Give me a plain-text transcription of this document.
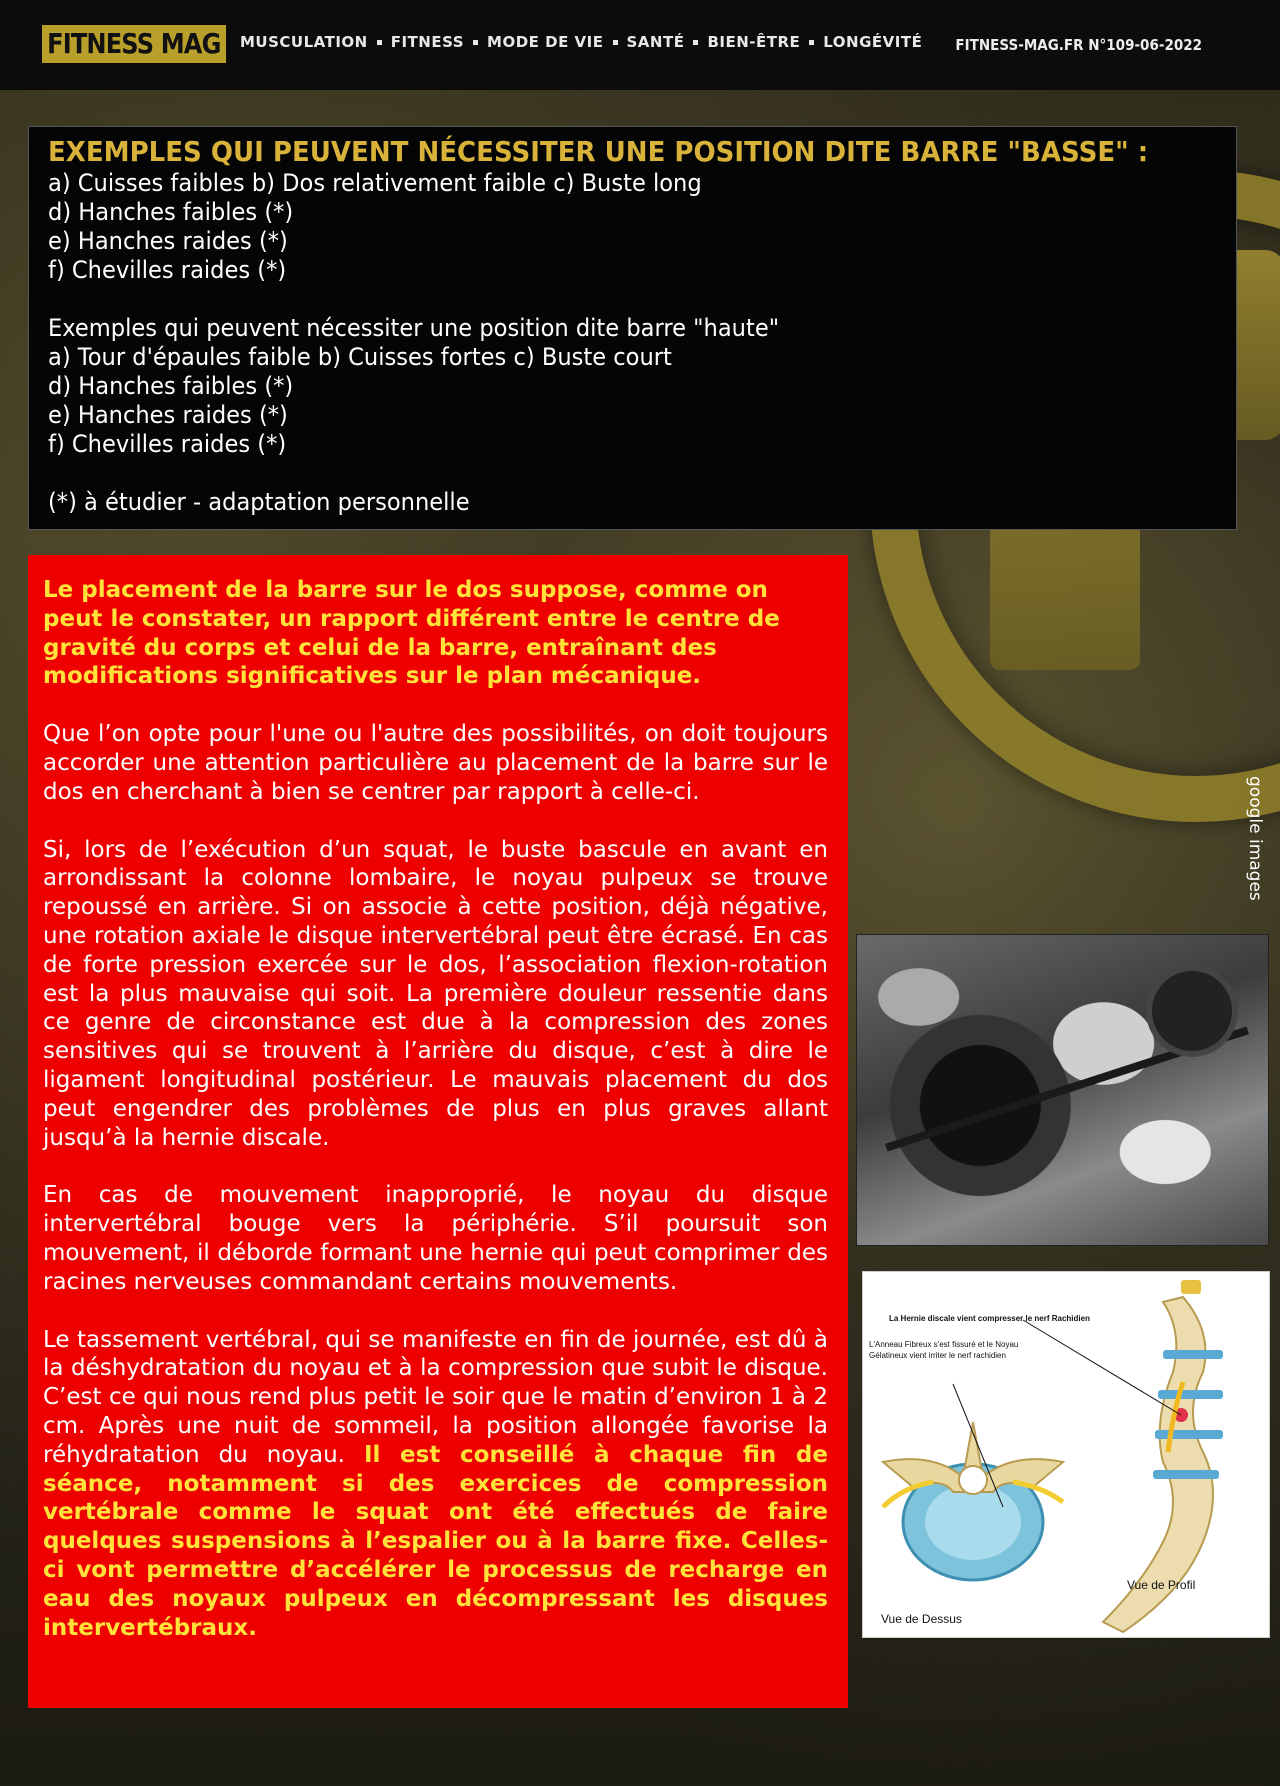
FITNESS MAG	MUSCULATION FITNESS MODE DE VIE SANTÉ BIEN-ÊTRE LONGÉVITÉ FITNESS-MAG.FR N°109-06-2022
EXEMPLES QUI PEUVENT NÉCESSITER UNE POSITION DITE BARRE "BASSE" :
a) Cuisses faibles b) Dos relativement faible c) Buste long
d) Hanches faibles (*)
e) Hanches raides (*)
f) Chevilles raides (*)
Exemples qui peuvent nécessiter une position dite barre "haute"
a) Tour d'épaules faible b) Cuisses fortes c) Buste court
d) Hanches faibles (*)
e) Hanches raides (*)
f) Chevilles raides (*)
(*) à étudier - adaptation personnelle

Le placement de la barre sur le dos suppose, comme on peut le constater, un rapport différent entre le centre de gravité du corps et celui de la barre, entraînant des modifications significatives sur le plan mécanique.

Que l’on opte pour l'une ou l'autre des possibilités, on doit toujours accorder une attention particulière au placement de la barre sur le dos en cherchant à bien se centrer par rapport à celle-ci.

Si, lors de l’exécution d’un squat, le buste bascule en avant en arrondissant la colonne lombaire, le noyau pulpeux se trouve repoussé en arrière. Si on associe à cette position, déjà négative, une rotation axiale le disque intervertébral peut être écrasé. En cas de forte pression exercée sur le dos, l’association flexion-rotation est la plus mauvaise qui soit. La première douleur ressentie dans ce genre de circonstance est due à la compression des zones sensitives qui se trouvent à l’arrière du disque, c’est à dire le ligament longitudinal postérieur. Le mauvais placement du dos peut engendrer des problèmes de plus en plus graves allant jusqu’à la hernie discale.

En cas de mouvement inapproprié, le noyau du disque intervertébral bouge vers la périphérie. S’il poursuit son mouvement, il déborde formant une hernie qui peut comprimer des racines nerveuses commandant certains mouvements.

Le tassement vertébral, qui se manifeste en fin de journée, est dû à la déshydratation du noyau et à la compression que subit le disque. C’est ce qui nous rend plus petit le soir que le matin d’environ 1 à 2 cm. Après une nuit de sommeil, la position allongée favorise la réhydratation du noyau. Il est conseillé à chaque fin de séance, notamment si des exercices de compression vertébrale comme le squat ont été effectués de faire quelques suspensions à l’espalier ou à la barre fixe. Celles-ci vont permettre d’accélérer le processus de recharge en eau des noyaux pulpeux en décompressant les disques intervertébraux.

La Hernie discale vient compresser le nerf Rachidien
L'Anneau Fibreux s'est fissuré et le Noyau
Gélatineux vient irriter le nerf rachidien
Vue de Dessus
Vue de Profil
google images
